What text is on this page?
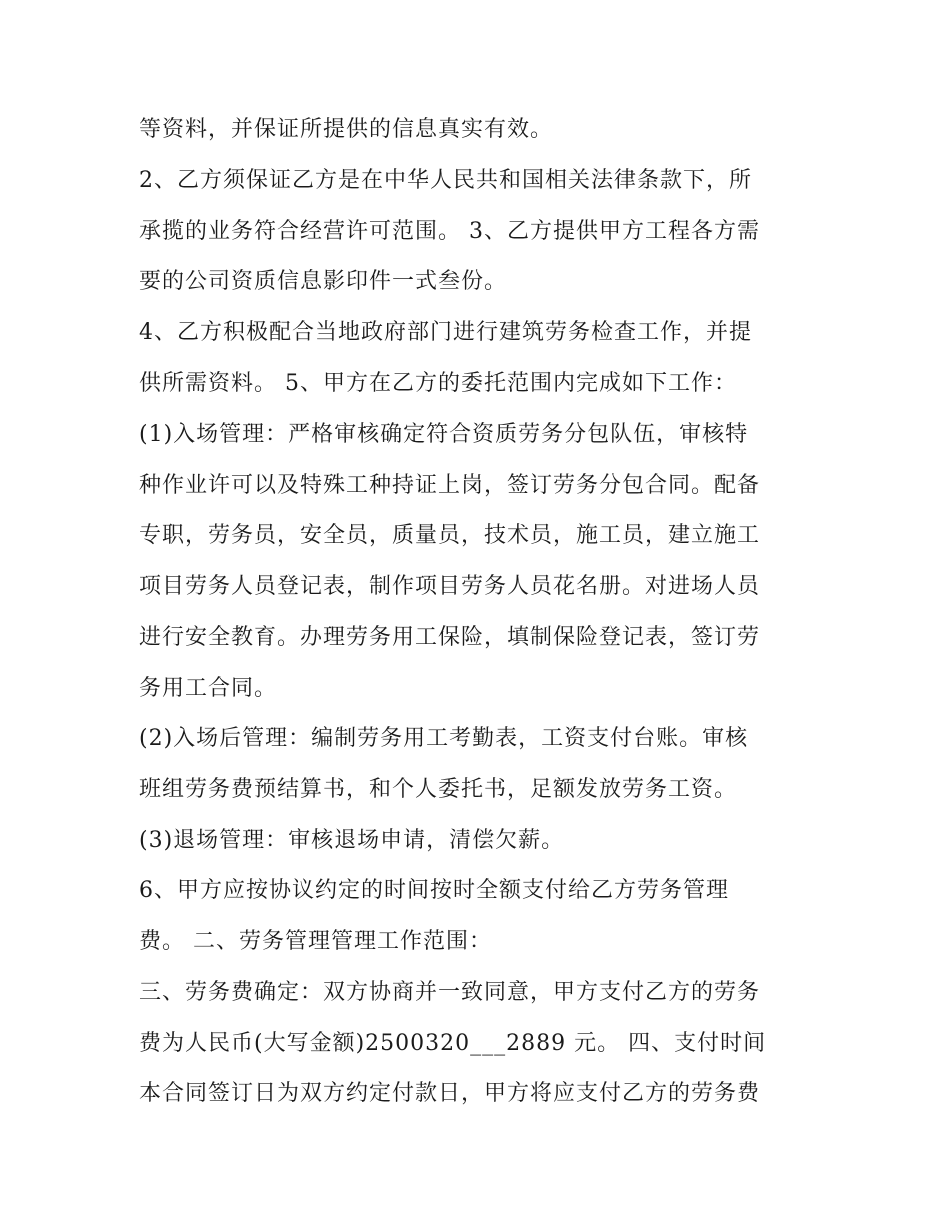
等资料，并保证所提供的信息真实有效。
2、乙方须保证乙方是在中华人民共和国相关法律条款下，所
承揽的业务符合经营许可范围。 3、乙方提供甲方工程各方需
要的公司资质信息影印件一式叁份。
4、乙方积极配合当地政府部门进行建筑劳务检查工作，并提
供所需资料。 5、甲方在乙方的委托范围内完成如下工作：
(1)入场管理：严格审核确定符合资质劳务分包队伍，审核特
种作业许可以及特殊工种持证上岗，签订劳务分包合同。配备
专职，劳务员，安全员，质量员，技术员，施工员，建立施工
项目劳务人员登记表，制作项目劳务人员花名册。对进场人员
进行安全教育。办理劳务用工保险，填制保险登记表，签订劳
务用工合同。
(2)入场后管理：编制劳务用工考勤表，工资支付台账。审核
班组劳务费预结算书，和个人委托书，足额发放劳务工资。
(3)退场管理：审核退场申请，清偿欠薪。
6、甲方应按协议约定的时间按时全额支付给乙方劳务管理
费。 二、劳务管理管理工作范围：
三、劳务费确定：双方协商并一致同意，甲方支付乙方的劳务
费为人民币(大写金额)2500320___2889 元。 四、支付时间
本合同签订日为双方约定付款日，甲方将应支付乙方的劳务费
